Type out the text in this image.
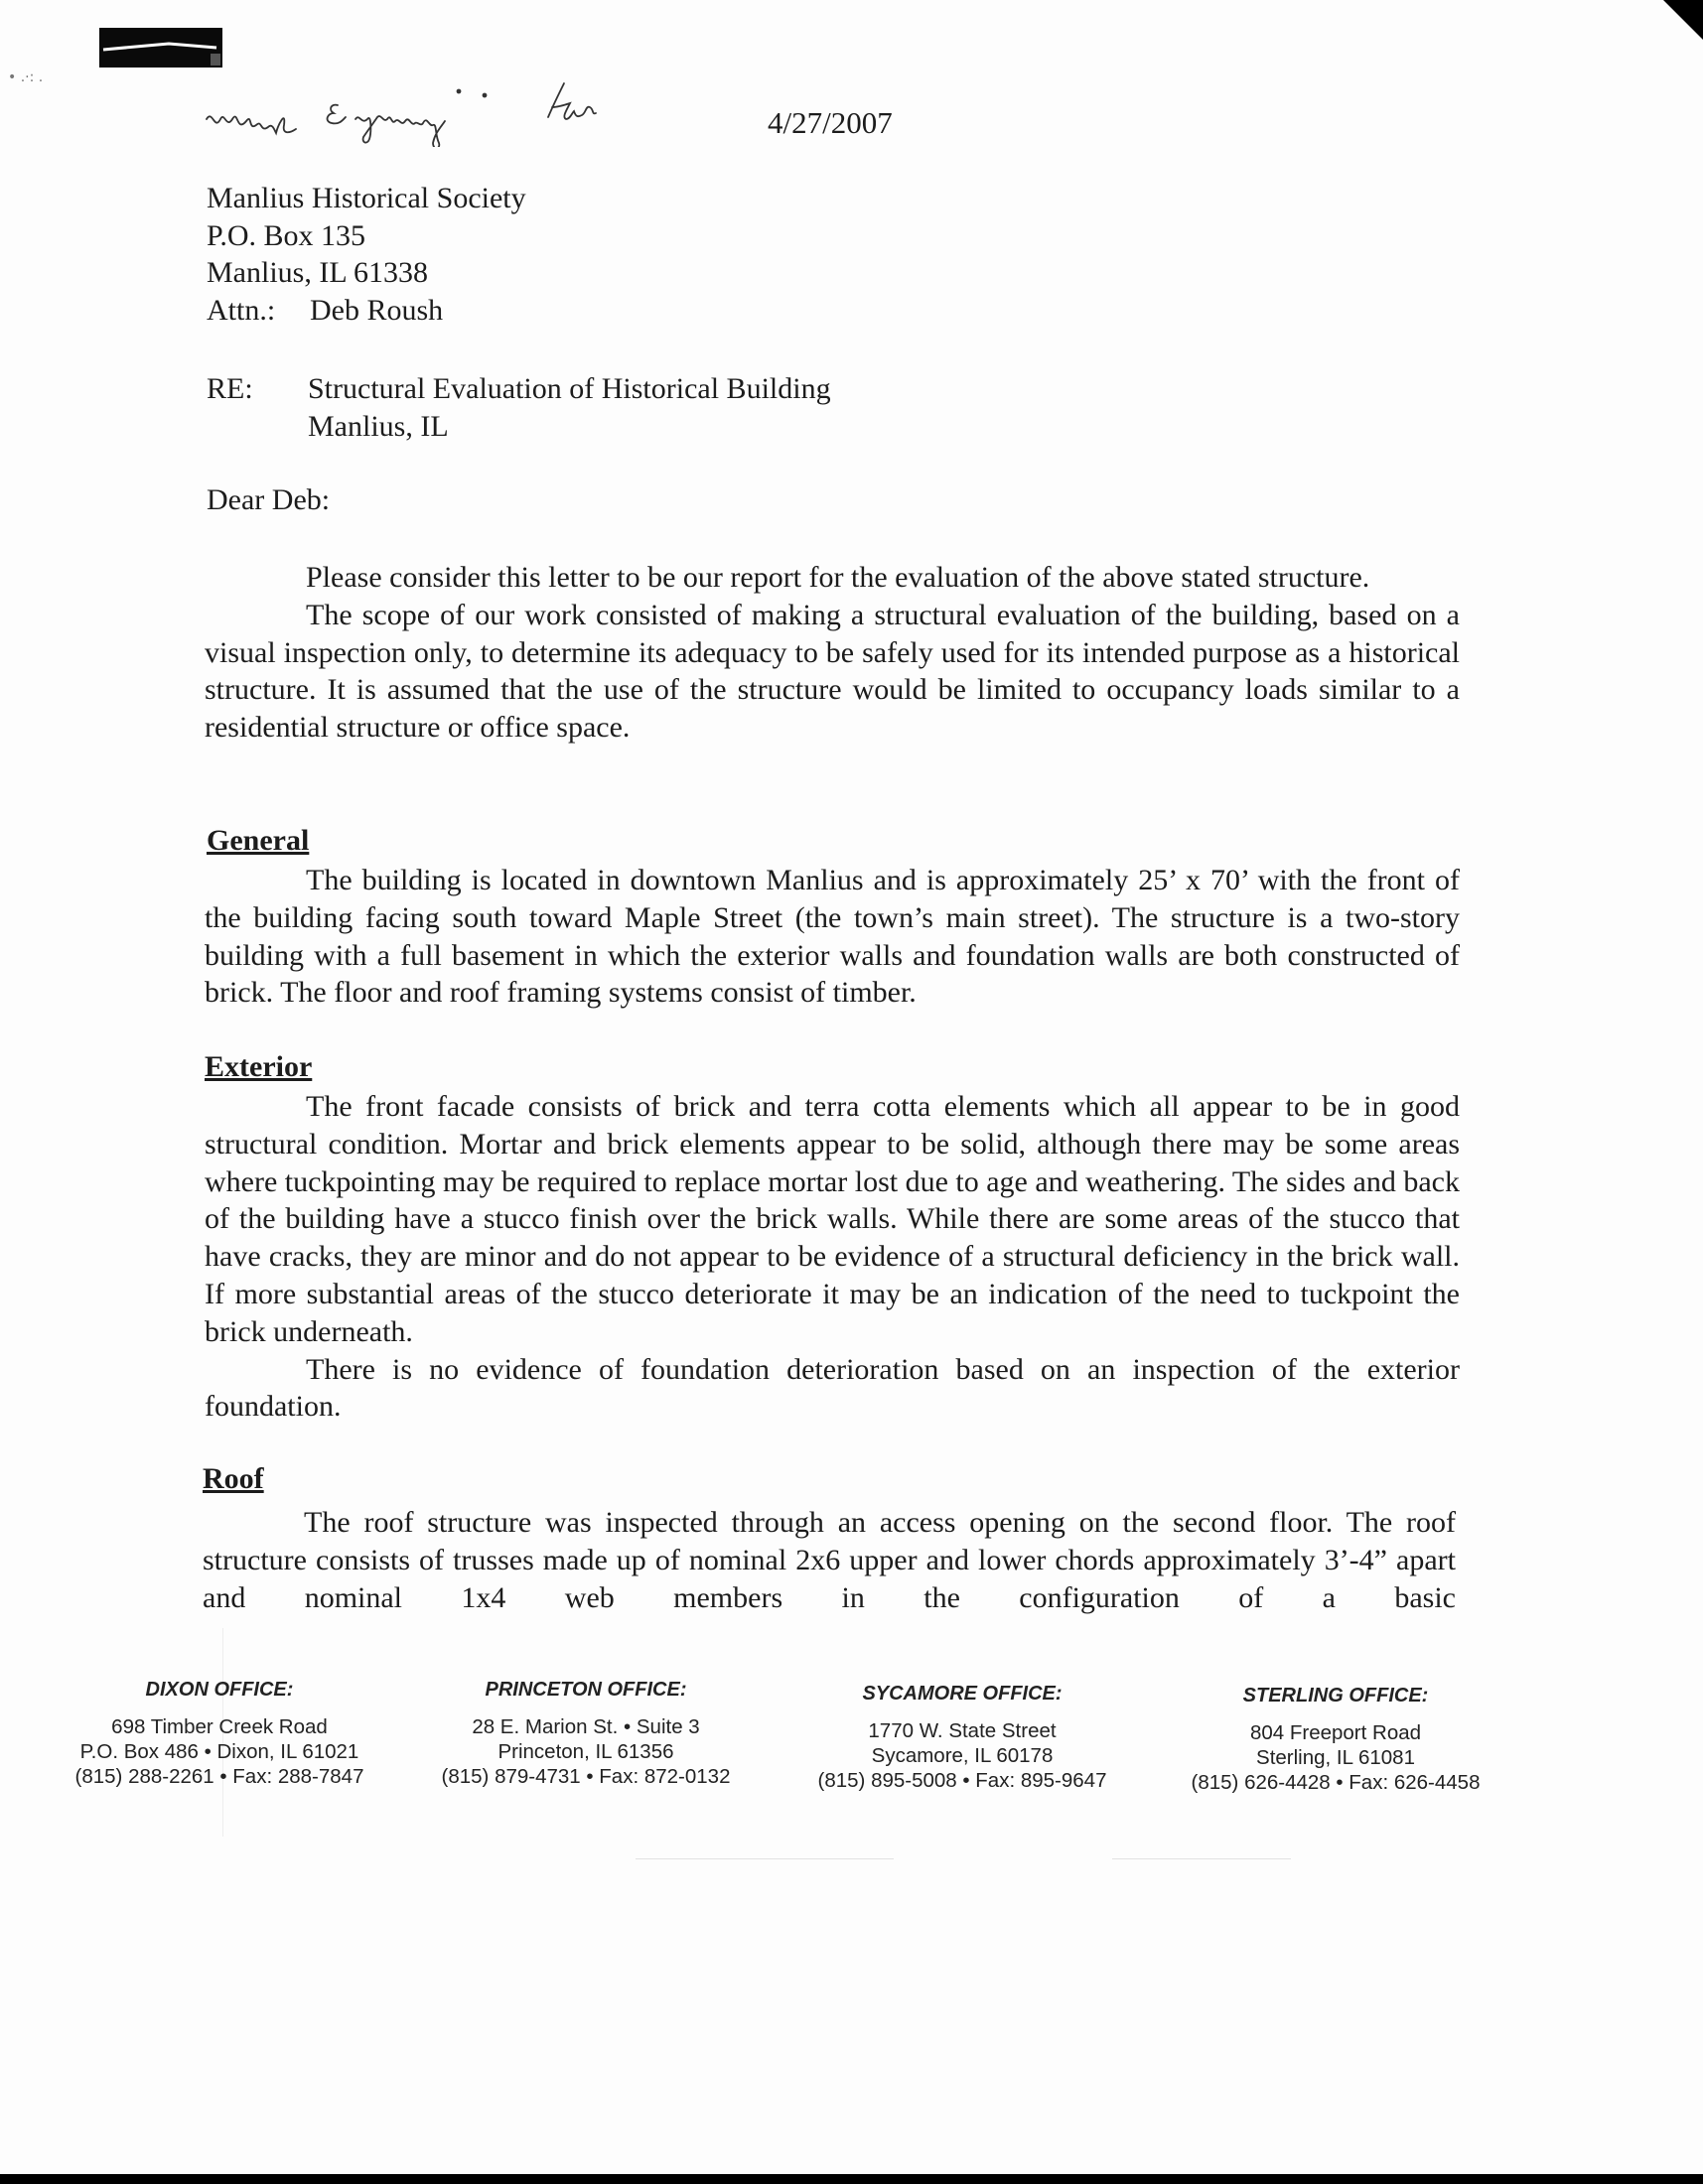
• .·: .
4/27/2007
Manlius Historical Society
P.O. Box 135
Manlius, IL 61338
Attn.: Deb Roush
RE: Structural Evaluation of Historical Building
Manlius, IL
Dear Deb:

Please consider this letter to be our report for the evaluation of the above stated structure.

The scope of our work consisted of making a structural evaluation of the building, based on a visual inspection only, to determine its adequacy to be safely used for its intended purpose as a historical structure. It is assumed that the use of the structure would be limited to occupancy loads similar to a residential structure or office space.

General

The building is located in downtown Manlius and is approximately 25’ x 70’ with the front of the building facing south toward Maple Street (the town’s main street). The structure is a two-story building with a full basement in which the exterior walls and foundation walls are both constructed of brick. The floor and roof framing systems consist of timber.

Exterior

The front facade consists of brick and terra cotta elements which all appear to be in good structural condition. Mortar and brick elements appear to be solid, although there may be some areas where tuckpointing may be required to replace mortar lost due to age and weathering. The sides and back of the building have a stucco finish over the brick walls. While there are some areas of the stucco that have cracks, they are minor and do not appear to be evidence of a structural deficiency in the brick wall. If more substantial areas of the stucco deteriorate it may be an indication of the need to tuckpoint the brick underneath.

There is no evidence of foundation deterioration based on an inspection of the exterior foundation.

Roof

The roof structure was inspected through an access opening on the second floor. The roof structure consists of trusses made up of nominal 2x6 upper and lower chords approximately 3’-4” apart and nominal 1x4 web members in the configuration of a basic

DIXON OFFICE:
698 Timber Creek Road
P.O. Box 486 • Dixon, IL 61021
(815) 288-2261 • Fax: 288-7847
PRINCETON OFFICE:
28 E. Marion St. • Suite 3
Princeton, IL 61356
(815) 879-4731 • Fax: 872-0132
SYCAMORE OFFICE:
1770 W. State Street
Sycamore, IL 60178
(815) 895-5008 • Fax: 895-9647
STERLING OFFICE:
804 Freeport Road
Sterling, IL 61081
(815) 626-4428 • Fax: 626-4458
